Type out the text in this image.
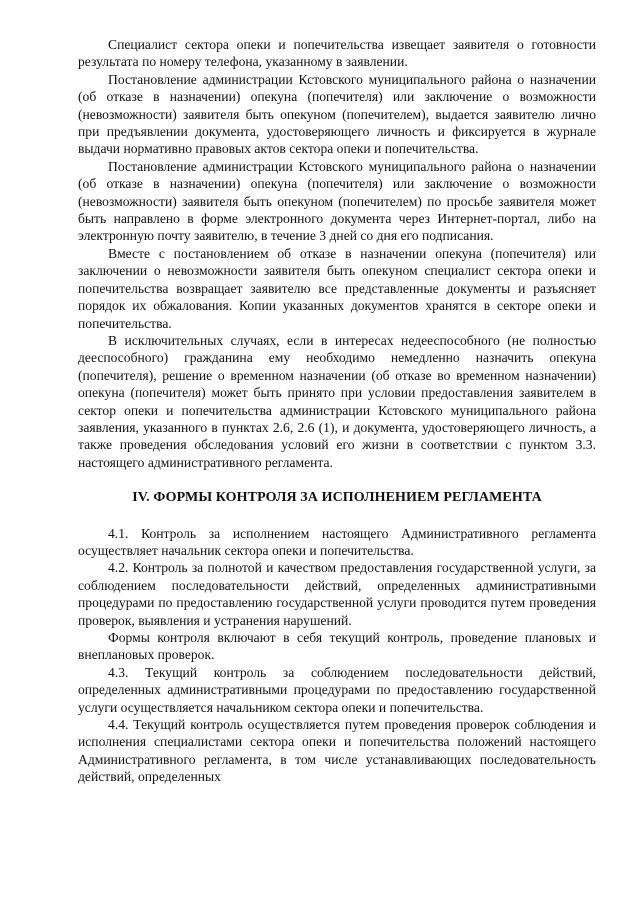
Специалист сектора опеки и попечительства извещает заявителя о готовности результата по номеру телефона, указанному в заявлении.

Постановление администрации Кстовского муниципального района о назначении (об отказе в назначении) опекуна (попечителя) или заключение о возможности (невозможности) заявителя быть опекуном (попечителем), выдается заявителю лично при предъявлении документа, удостоверяющего личность и фиксируется в журнале выдачи нормативно правовых актов сектора опеки и попечительства.

Постановление администрации Кстовского муниципального района о назначении (об отказе в назначении) опекуна (попечителя) или заключение о возможности (невозможности) заявителя быть опекуном (попечителем) по просьбе заявителя может быть направлено в форме электронного документа через Интернет-портал, либо на электронную почту заявителю, в течение 3 дней со дня его подписания.

Вместе с постановлением об отказе в назначении опекуна (попечителя) или заключении о невозможности заявителя быть опекуном специалист сектора опеки и попечительства возвращает заявителю все представленные документы и разъясняет порядок их обжалования. Копии указанных документов хранятся в секторе опеки и попечительства.

В исключительных случаях, если в интересах недееспособного (не полностью дееспособного) гражданина ему необходимо немедленно назначить опекуна (попечителя), решение о временном назначении (об отказе во временном назначении) опекуна (попечителя) может быть принято при условии предоставления заявителем в сектор опеки и попечительства администрации Кстовского муниципального района заявления, указанного в пунктах 2.6, 2.6 (1), и документа, удостоверяющего личность, а также проведения обследования условий его жизни в соответствии с пунктом 3.3. настоящего административного регламента.

IV. ФОРМЫ КОНТРОЛЯ ЗА ИСПОЛНЕНИЕМ РЕГЛАМЕНТА

4.1. Контроль за исполнением настоящего Административного регламента осуществляет начальник сектора опеки и попечительства.

4.2. Контроль за полнотой и качеством предоставления государственной услуги, за соблюдением последовательности действий, определенных административными процедурами по предоставлению государственной услуги проводится путем проведения проверок, выявления и устранения нарушений.

Формы контроля включают в себя текущий контроль, проведение плановых и внеплановых проверок.

4.3. Текущий контроль за соблюдением последовательности действий, определенных административными процедурами по предоставлению государственной услуги осуществляется начальником сектора опеки и попечительства.

4.4. Текущий контроль осуществляется путем проведения проверок соблюдения и исполнения специалистами сектора опеки и попечительства положений настоящего Административного регламента, в том числе устанавливающих последовательность действий, определенных
